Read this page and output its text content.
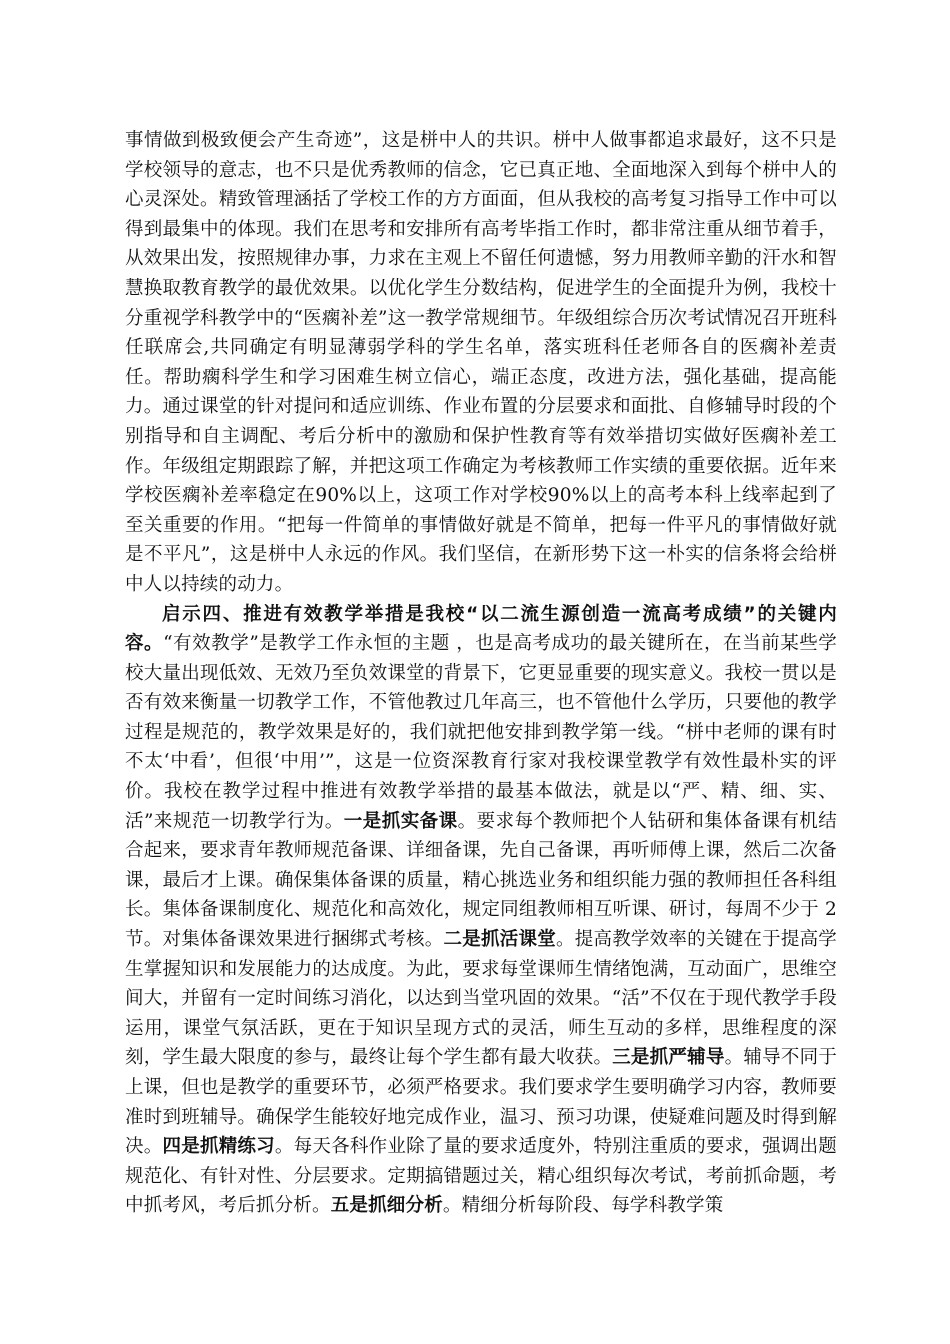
事情做到极致便会产生奇迹”，这是栟中人的共识。栟中人做事都追求最好，这不只是学校领导的意志，也不只是优秀教师的信念，它已真正地、全面地深入到每个栟中人的心灵深处。精致管理涵括了学校工作的方方面面，但从我校的高考复习指导工作中可以得到最集中的体现。我们在思考和安排所有高考毕指工作时，都非常注重从细节着手，从效果出发，按照规律办事，力求在主观上不留任何遗憾，努力用教师辛勤的汗水和智慧换取教育教学的最优效果。以优化学生分数结构，促进学生的全面提升为例，我校十分重视学科教学中的“医瘸补差”这一教学常规细节。年级组综合历次考试情况召开班科任联席会,共同确定有明显薄弱学科的学生名单，落实班科任老师各自的医瘸补差责任。帮助瘸科学生和学习困难生树立信心，端正态度，改进方法，强化基础，提高能力。通过课堂的针对提问和适应训练、作业布置的分层要求和面批、自修辅导时段的个别指导和自主调配、考后分析中的激励和保护性教育等有效举措切实做好医瘸补差工作。年级组定期跟踪了解，并把这项工作确定为考核教师工作实绩的重要依据。近年来学校医瘸补差率稳定在90%以上，这项工作对学校90%以上的高考本科上线率起到了至关重要的作用。“把每一件简单的事情做好就是不简单，把每一件平凡的事情做好就是不平凡”，这是栟中人永远的作风。我们坚信，在新形势下这一朴实的信条将会给栟中人以持续的动力。

启示四、推进有效教学举措是我校“以二流生源创造一流高考成绩”的关键内容。“有效教学”是教学工作永恒的主题 ，也是高考成功的最关键所在，在当前某些学校大量出现低效、无效乃至负效课堂的背景下，它更显重要的现实意义。我校一贯以是否有效来衡量一切教学工作，不管他教过几年高三，也不管他什么学历，只要他的教学过程是规范的，教学效果是好的，我们就把他安排到教学第一线。“栟中老师的课有时不太‘中看’，但很‘中用’”，这是一位资深教育行家对我校课堂教学有效性最朴实的评价。我校在教学过程中推进有效教学举措的最基本做法，就是以“严、精、细、实、活”来规范一切教学行为。一是抓实备课。要求每个教师把个人钻研和集体备课有机结合起来，要求青年教师规范备课、详细备课，先自己备课，再听师傅上课，然后二次备课，最后才上课。确保集体备课的质量，精心挑选业务和组织能力强的教师担任各科组长。集体备课制度化、规范化和高效化，规定同组教师相互听课、研讨，每周不少于 2 节。对集体备课效果进行捆绑式考核。二是抓活课堂。提高教学效率的关键在于提高学生掌握知识和发展能力的达成度。为此，要求每堂课师生情绪饱满，互动面广，思维空间大，并留有一定时间练习消化，以达到当堂巩固的效果。“活”不仅在于现代教学手段运用，课堂气氛活跃，更在于知识呈现方式的灵活，师生互动的多样，思维程度的深刻，学生最大限度的参与，最终让每个学生都有最大收获。三是抓严辅导。辅导不同于上课，但也是教学的重要环节，必须严格要求。我们要求学生要明确学习内容，教师要准时到班辅导。确保学生能较好地完成作业，温习、预习功课，使疑难问题及时得到解决。四是抓精练习。每天各科作业除了量的要求适度外，特别注重质的要求，强调出题规范化、有针对性、分层要求。定期搞错题过关，精心组织每次考试，考前抓命题，考中抓考风，考后抓分析。五是抓细分析。精细分析每阶段、每学科教学策
